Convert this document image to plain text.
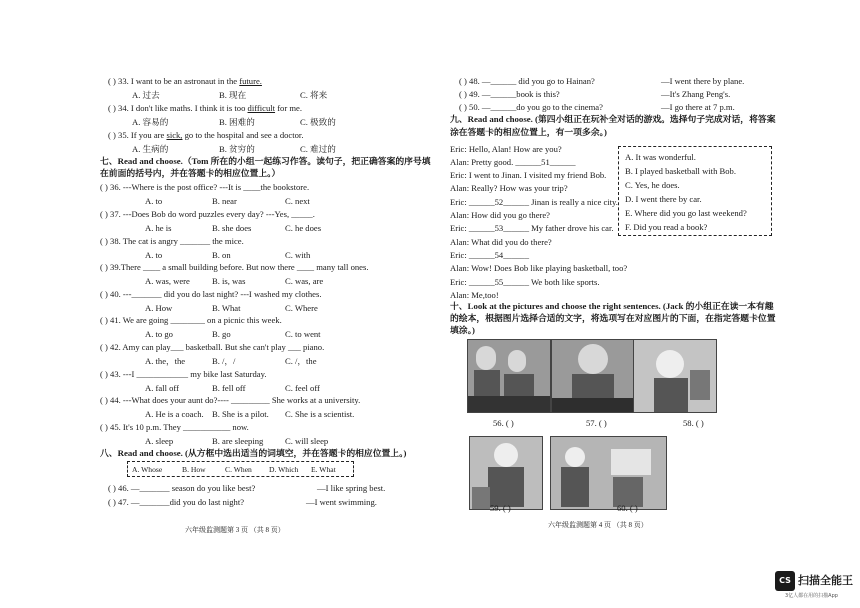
( ) 33. I want to be an astronaut in the future.
A. 过去	B. 现在	C. 将来
( ) 34. I don't like maths. I think it is too difficult for me.
A. 容易的	B. 困难的	C. 极致的
( ) 35. If you are sick, go to the hospital and see a doctor.
A. 生病的	B. 贫穷的	C. 难过的
七、Read and choose.（Tom 所在的小组一起练习作答。读句子，把正确答案的序号填
在前面的括号内，并在答题卡的相应位置上。）
( ) 36. ---Where is the post office? ---It is ____the bookstore.
A. to	B. near	C. next
( ) 37. ---Does Bob do word puzzles every day? ---Yes, _____.
A. he is	B. she does	C. he does
( ) 38. The cat is angry _______ the mice.
A. to	B. on	C. with
( ) 39.There ____ a small building before. But now there ____ many tall ones.
A. was, were	B. is, was	C. was, are
( ) 40. ---_______ did you do last night? ---I washed my clothes.
A. How	B. What	C. Where
( ) 41. We are going ________ on a picnic this week.
A. to go	B. go	C. to went
( ) 42. Amy can play___ basketball. But she can't play ___ piano.
A. the，the	B. /，/	C. /，the
( ) 43. ---I ____________ my bike last Saturday.
A. fall off	B. fell off	C. feel off
( ) 44. ---What does your aunt do?---- _________ She works at a university.
A. He is a coach. B. She is a pilot. C. She is a scientist.
( ) 45. It's 10 p.m. They ___________ now.
A. sleep	B. are sleeping	C. will sleep
八、Read and choose. (从方框中选出适当的词填空，并在答题卡的相应位置上。)
A. Whose	B. How	C. When D. Which E. What
( ) 46. —_______ season do you like best?	—I like spring best.
( ) 47. —_______did you do last night?	—I went swimming.
六年级监测题第 3 页 （共 8 页）
( ) 48. —______ did you go to Hainan?	—I went there by plane.
( ) 49. —______book is this?	—It's Zhang Peng's.
( ) 50. —______do you go to the cinema?	—I go there at 7 p.m.
九、Read and choose. (第四小组正在玩补全对话的游戏。选择句子完成对话，将答案
涂在答题卡的相应位置上，有一项多余。)
Eric: Hello, Alan! How are you?
Alan: Pretty good. ______51______
Eric: I went to Jinan. I visited my friend Bob.
Alan: Really? How was your trip?
Eric: ______52______ Jinan is really a nice city.
Alan: How did you go there?
Eric: ______53______ My father drove his car.
Alan: What did you do there?
Eric: ______54______
Alan: Wow! Does Bob like playing basketball, too?
Eric: ______55______ We both like sports.
Alan: Me,too!
A. It was wonderful.
B. I played basketball with Bob.
C. Yes, he does.
D. I went there by car.
E. Where did you go last weekend?
F. Did you read a book?
十、Look at the pictures and choose the right sentences. (Jack 的小组正在读一本有趣
的绘本，根据图片选择合适的文字，将选项写在对应图片的下面，在指定答题卡位置
填涂。)
56. ( )	57. ( )	58. ( )
59. ( )	60. ( )
六年级监测题第 4 页 （共 8 页）
CS 扫描全能王
3亿人都在用的扫描App
